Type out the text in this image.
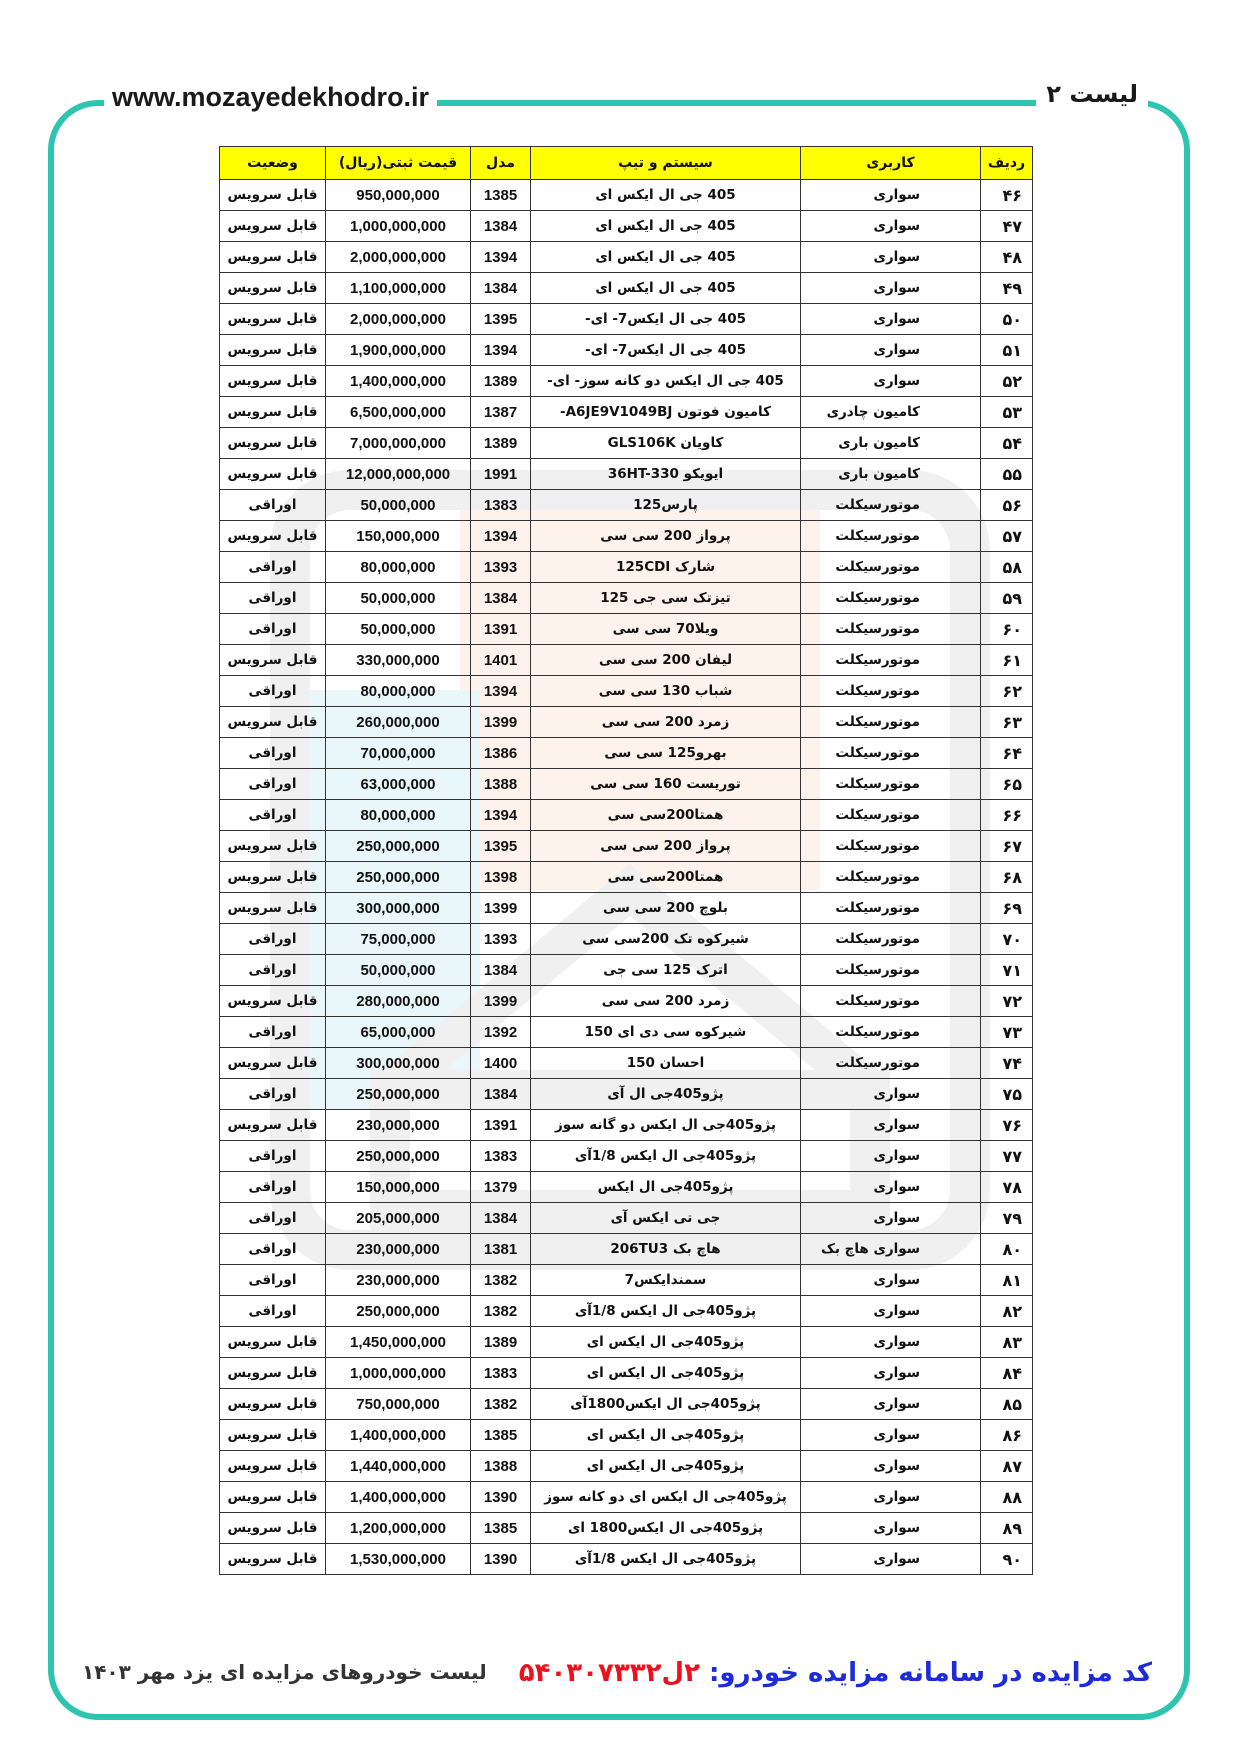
www.mozayedekhodro.ir	لیست ۲
ردیف	کاربری	سیستم و تیپ	مدل	قیمت ثبتی(ریال)	وضعیت
۴۶	سواری	405 جی ال ایکس ای	1385	950,000,000	قابل سرویس
۴۷	سواری	405 جی ال ایکس ای	1384	1,000,000,000	قابل سرویس
۴۸	سواری	405 جی ال ایکس ای	1394	2,000,000,000	قابل سرویس
۴۹	سواری	405 جی ال ایکس ای	1384	1,100,000,000	قابل سرویس
۵۰	سواری	405 جی ال ایکس7- ای-	1395	2,000,000,000	قابل سرویس
۵۱	سواری	405 جی ال ایکس7- ای-	1394	1,900,000,000	قابل سرویس
۵۲	سواری	405 جی ال ایکس دو کانه سوز- ای-	1389	1,400,000,000	قابل سرویس
۵۳	کامیون چادری	کامیون فوتون A6JE9V1049BJ-	1387	6,500,000,000	قابل سرویس
۵۴	کامیون باری	کاویان GLS106K	1389	7,000,000,000	قابل سرویس
۵۵	کامیون باری	ایویکو 36HT-330	1991	12,000,000,000	قابل سرویس
۵۶	موتورسیکلت	پارس125	1383	50,000,000	اوراقی
۵۷	موتورسیکلت	پرواز 200 سی سی	1394	150,000,000	قابل سرویس
۵۸	موتورسیکلت	شارک 125CDI	1393	80,000,000	اوراقی
۵۹	موتورسیکلت	تیزتک سی جی 125	1384	50,000,000	اوراقی
۶۰	موتورسیکلت	ویلا70 سی سی	1391	50,000,000	اوراقی
۶۱	موتورسیکلت	لیفان 200 سی سی	1401	330,000,000	قابل سرویس
۶۲	موتورسیکلت	شباب 130 سی سی	1394	80,000,000	اوراقی
۶۳	موتورسیکلت	زمرد 200 سی سی	1399	260,000,000	قابل سرویس
۶۴	موتورسیکلت	بهرو125 سی سی	1386	70,000,000	اوراقی
۶۵	موتورسیکلت	توریست 160 سی سی	1388	63,000,000	اوراقی
۶۶	موتورسیکلت	همتا200سی سی	1394	80,000,000	اوراقی
۶۷	موتورسیکلت	پرواز 200 سی سی	1395	250,000,000	قابل سرویس
۶۸	موتورسیکلت	همتا200سی سی	1398	250,000,000	قابل سرویس
۶۹	موتورسیکلت	بلوچ 200 سی سی	1399	300,000,000	قابل سرویس
۷۰	موتورسیکلت	شیرکوه تک 200سی سی	1393	75,000,000	اوراقی
۷۱	موتورسیکلت	اترک 125 سی جی	1384	50,000,000	اوراقی
۷۲	موتورسیکلت	زمرد 200 سی سی	1399	280,000,000	قابل سرویس
۷۳	موتورسیکلت	شیرکوه سی دی ای 150	1392	65,000,000	اوراقی
۷۴	موتورسیکلت	احسان 150	1400	300,000,000	قابل سرویس
۷۵	سواری	پژو405جی ال آی	1384	250,000,000	اوراقی
۷۶	سواری	پژو405جی ال ایکس دو گانه سوز	1391	230,000,000	قابل سرویس
۷۷	سواری	پژو405جی ال ایکس 1/8آی	1383	250,000,000	اوراقی
۷۸	سواری	پژو405جی ال ایکس	1379	150,000,000	اوراقی
۷۹	سواری	جی تی ایکس آی	1384	205,000,000	اوراقی
۸۰	سواری هاچ بک	هاچ بک 206TU3	1381	230,000,000	اوراقی
۸۱	سواری	سمندایکس7	1382	230,000,000	اوراقی
۸۲	سواری	پژو405جی ال ایکس 1/8آی	1382	250,000,000	اوراقی
۸۳	سواری	پژو405جی ال ایکس ای	1389	1,450,000,000	قابل سرویس
۸۴	سواری	پژو405جی ال ایکس ای	1383	1,000,000,000	قابل سرویس
۸۵	سواری	پژو405جی ال ایکس1800آی	1382	750,000,000	قابل سرویس
۸۶	سواری	پژو405جی ال ایکس ای	1385	1,400,000,000	قابل سرویس
۸۷	سواری	پژو405جی ال ایکس ای	1388	1,440,000,000	قابل سرویس
۸۸	سواری	پژو405جی ال ایکس ای دو کانه سوز	1390	1,400,000,000	قابل سرویس
۸۹	سواری	پژو405جی ال ایکس1800 ای	1385	1,200,000,000	قابل سرویس
۹۰	سواری	پژو405جی ال ایکس 1/8آی	1390	1,530,000,000	قابل سرویس
لیست خودروهای مزایده ای یزد مهر ۱۴۰۳	کد مزایده در سامانه مزایده خودرو: ۲ل۵۴۰۳۰۷۳۳۲
